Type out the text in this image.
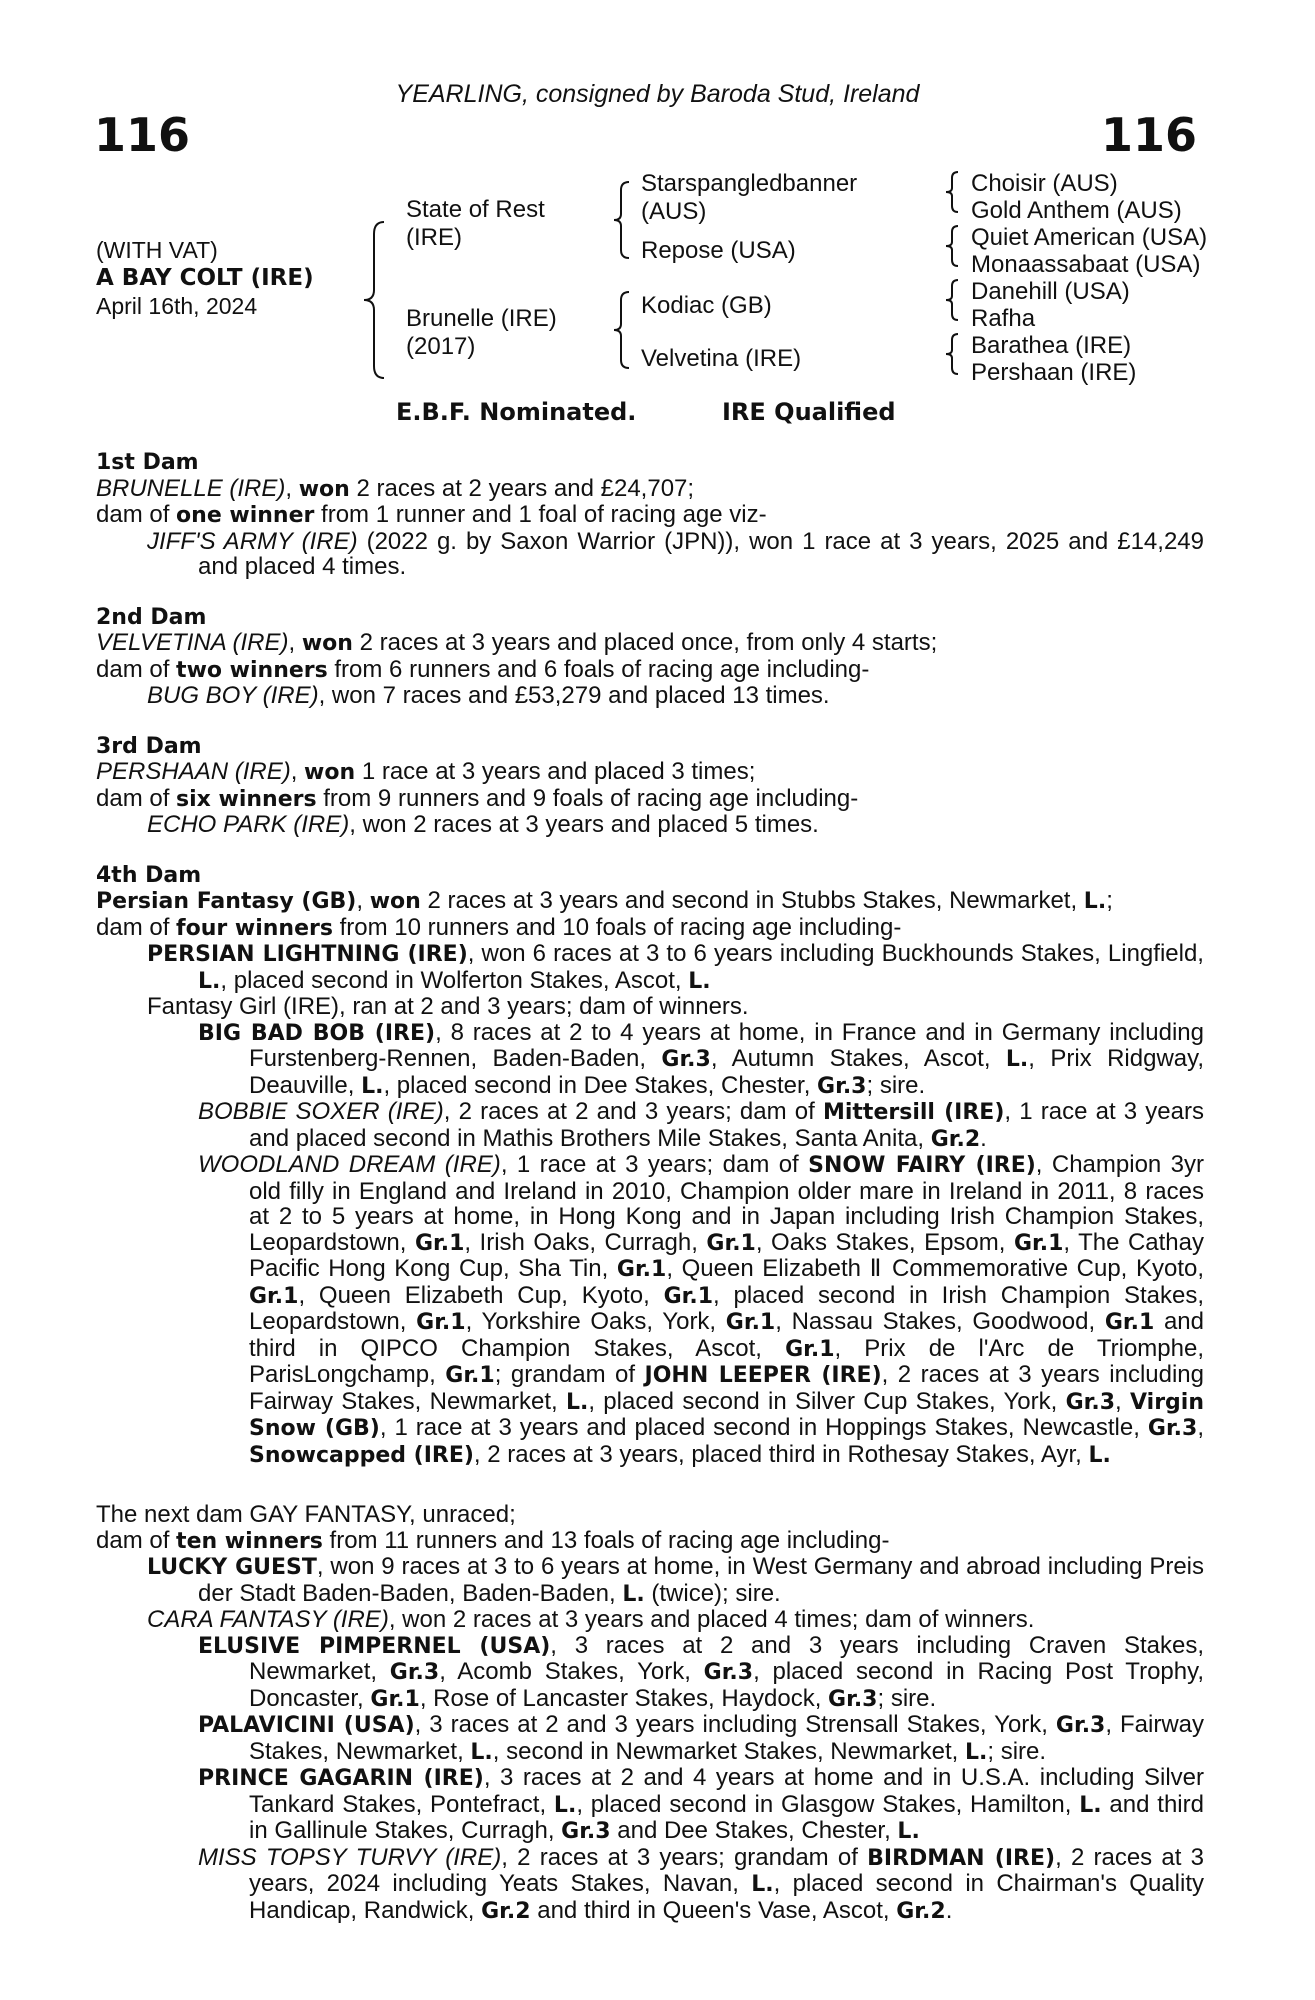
116
YEARLING, consigned by Baroda Stud, Ireland
116
(WITH VAT)
A BAY COLT (IRE)
April 16th, 2024
State of Rest
(IRE)
Brunelle (IRE)
(2017)
Starspangledbanner
(AUS)
Repose (USA)
Kodiac (GB)
Velvetina (IRE)
Choisir (AUS)
Gold Anthem (AUS)
Quiet American (USA)
Monaassabaat (USA)
Danehill (USA)
Rafha
Barathea (IRE)
Pershaan (IRE)
E.B.F. Nominated.	IRE Qualified
1st Dam

BRUNELLE (IRE), won 2 races at 2 years and £24,707;

dam of one winner from 1 runner and 1 foal of racing age viz-

JIFF'S ARMY (IRE) (2022 g. by Saxon Warrior (JPN)), won 1 race at 3 years, 2025 and £14,249 and placed 4 times.

2nd Dam

VELVETINA (IRE), won 2 races at 3 years and placed once, from only 4 starts;

dam of two winners from 6 runners and 6 foals of racing age including-

BUG BOY (IRE), won 7 races and £53,279 and placed 13 times.

3rd Dam

PERSHAAN (IRE), won 1 race at 3 years and placed 3 times;

dam of six winners from 9 runners and 9 foals of racing age including-

ECHO PARK (IRE), won 2 races at 3 years and placed 5 times.

4th Dam

Persian Fantasy (GB), won 2 races at 3 years and second in Stubbs Stakes, Newmarket, L.;

dam of four winners from 10 runners and 10 foals of racing age including-

PERSIAN LIGHTNING (IRE), won 6 races at 3 to 6 years including Buckhounds Stakes, Lingfield, L., placed second in Wolferton Stakes, Ascot, L.

Fantasy Girl (IRE), ran at 2 and 3 years; dam of winners.

BIG BAD BOB (IRE), 8 races at 2 to 4 years at home, in France and in Germany including Furstenberg-Rennen, Baden-Baden, Gr.3, Autumn Stakes, Ascot, L., Prix Ridgway, Deauville, L., placed second in Dee Stakes, Chester, Gr.3; sire.

BOBBIE SOXER (IRE), 2 races at 2 and 3 years; dam of Mittersill (IRE), 1 race at 3 years and placed second in Mathis Brothers Mile Stakes, Santa Anita, Gr.2.

WOODLAND DREAM (IRE), 1 race at 3 years; dam of SNOW FAIRY (IRE), Champion 3yr old filly in England and Ireland in 2010, Champion older mare in Ireland in 2011, 8 races at 2 to 5 years at home, in Hong Kong and in Japan including Irish Champion Stakes, Leopardstown, Gr.1, Irish Oaks, Curragh, Gr.1, Oaks Stakes, Epsom, Gr.1, The Cathay Pacific Hong Kong Cup, Sha Tin, Gr.1, Queen Elizabeth Ⅱ Commemorative Cup, Kyoto, Gr.1, Queen Elizabeth Cup, Kyoto, Gr.1, placed second in Irish Champion Stakes, Leopardstown, Gr.1, Yorkshire Oaks, York, Gr.1, Nassau Stakes, Goodwood, Gr.1 and third in QIPCO Champion Stakes, Ascot, Gr.1, Prix de l'Arc de Triomphe, ParisLongchamp, Gr.1; grandam of JOHN LEEPER (IRE), 2 races at 3 years including Fairway Stakes, Newmarket, L., placed second in Silver Cup Stakes, York, Gr.3, Virgin Snow (GB), 1 race at 3 years and placed second in Hoppings Stakes, Newcastle, Gr.3, Snowcapped (IRE), 2 races at 3 years, placed third in Rothesay Stakes, Ayr, L.

The next dam GAY FANTASY, unraced;

dam of ten winners from 11 runners and 13 foals of racing age including-

LUCKY GUEST, won 9 races at 3 to 6 years at home, in West Germany and abroad including Preis der Stadt Baden-Baden, Baden-Baden, L. (twice); sire.

CARA FANTASY (IRE), won 2 races at 3 years and placed 4 times; dam of winners.

ELUSIVE PIMPERNEL (USA), 3 races at 2 and 3 years including Craven Stakes, Newmarket, Gr.3, Acomb Stakes, York, Gr.3, placed second in Racing Post Trophy, Doncaster, Gr.1, Rose of Lancaster Stakes, Haydock, Gr.3; sire.

PALAVICINI (USA), 3 races at 2 and 3 years including Strensall Stakes, York, Gr.3, Fairway Stakes, Newmarket, L., second in Newmarket Stakes, Newmarket, L.; sire.

PRINCE GAGARIN (IRE), 3 races at 2 and 4 years at home and in U.S.A. including Silver Tankard Stakes, Pontefract, L., placed second in Glasgow Stakes, Hamilton, L. and third in Gallinule Stakes, Curragh, Gr.3 and Dee Stakes, Chester, L.

MISS TOPSY TURVY (IRE), 2 races at 3 years; grandam of BIRDMAN (IRE), 2 races at 3 years, 2024 including Yeats Stakes, Navan, L., placed second in Chairman's Quality Handicap, Randwick, Gr.2 and third in Queen's Vase, Ascot, Gr.2.
